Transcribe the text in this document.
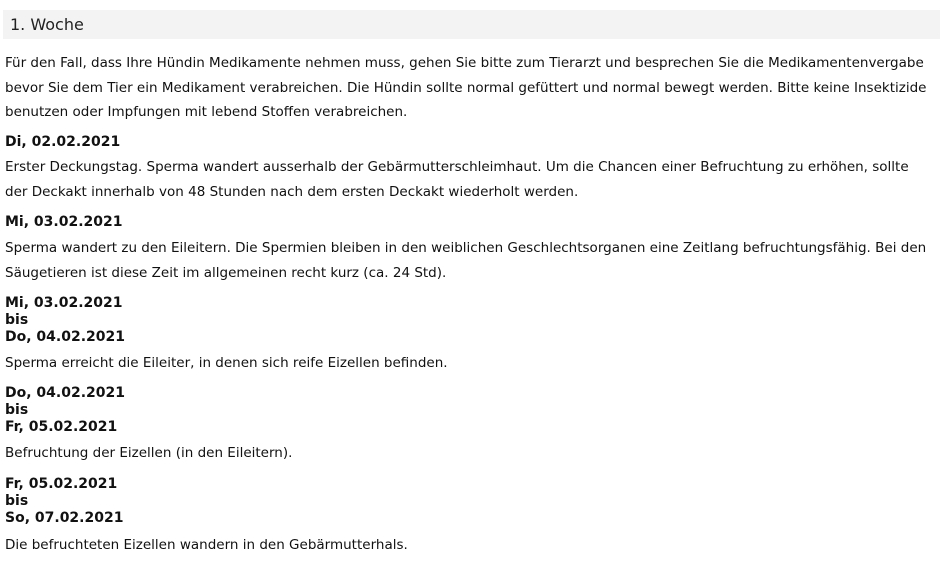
1. Woche

Für den Fall, dass Ihre Hündin Medikamente nehmen muss, gehen Sie bitte zum Tierarzt und besprechen Sie die Medikamentenvergabe bevor Sie dem Tier ein Medikament verabreichen. Die Hündin sollte normal gefüttert und normal bewegt werden. Bitte keine Insektizide benutzen oder Impfungen mit lebend Stoffen verabreichen.

Di, 02.02.2021

Erster Deckungstag. Sperma wandert ausserhalb der Gebärmutterschleimhaut. Um die Chancen einer Befruchtung zu erhöhen, sollte der Deckakt innerhalb von 48 Stunden nach dem ersten Deckakt wiederholt werden.

Mi, 03.02.2021

Sperma wandert zu den Eileitern. Die Spermien bleiben in den weiblichen Geschlechtsorganen eine Zeitlang befruchtungsfähig. Bei den Säugetieren ist diese Zeit im allgemeinen recht kurz (ca. 24 Std).

Mi, 03.02.2021
bis
Do, 04.02.2021

Sperma erreicht die Eileiter, in denen sich reife Eizellen befinden.

Do, 04.02.2021
bis
Fr, 05.02.2021

Befruchtung der Eizellen (in den Eileitern).

Fr, 05.02.2021
bis
So, 07.02.2021

Die befruchteten Eizellen wandern in den Gebärmutterhals.
